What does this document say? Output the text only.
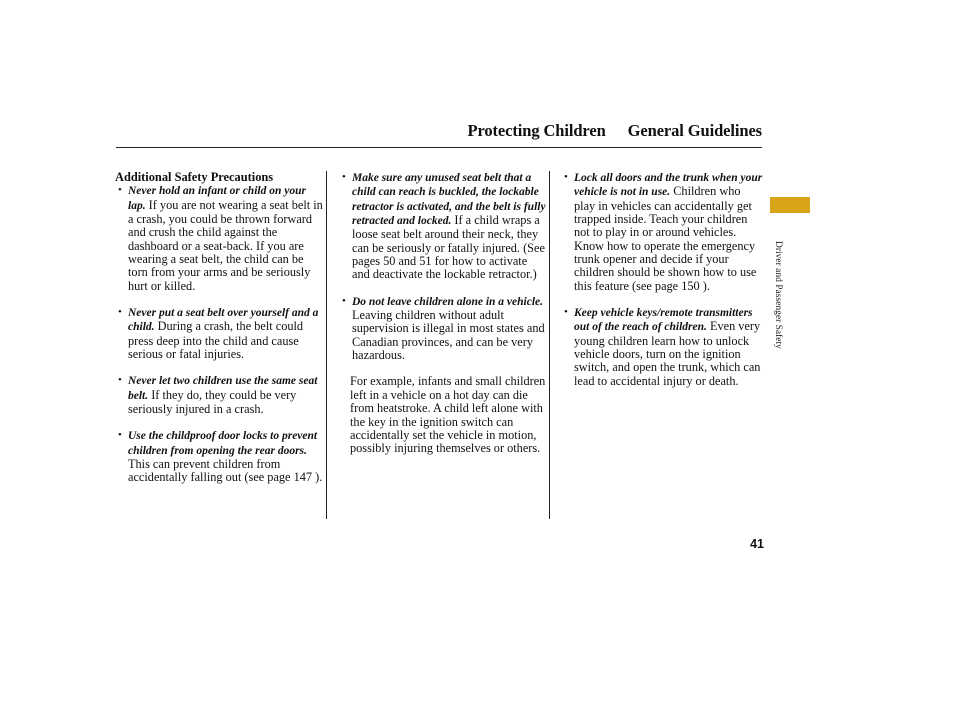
Protecting Children General Guidelines

Additional Safety Precautions

• Never hold an infant or child on your lap. If you are not wearing a seat belt in a crash, you could be thrown forward and crush the child against the dashboard or a seat-back. If you are wearing a seat belt, the child can be torn from your arms and be seriously hurt or killed.
• Never put a seat belt over yourself and a child. During a crash, the belt could press deep into the child and cause serious or fatal injuries.
• Never let two children use the same seat belt. If they do, they could be very seriously injured in a crash.
• Use the childproof door locks to prevent children from opening the rear doors. This can prevent children from accidentally falling out (see page 147 ).
• Make sure any unused seat belt that a child can reach is buckled, the lockable retractor is activated, and the belt is fully retracted and locked. If a child wraps a loose seat belt around their neck, they can be seriously or fatally injured. (See pages 50 and 51 for how to activate and deactivate the lockable retractor.)
• Do not leave children alone in a vehicle. Leaving children without adult supervision is illegal in most states and Canadian provinces, and can be very hazardous.
For example, infants and small children left in a vehicle on a hot day can die from heatstroke. A child left alone with the key in the ignition switch can accidentally set the vehicle in motion, possibly injuring themselves or others.
• Lock all doors and the trunk when your vehicle is not in use. Children who play in vehicles can accidentally get trapped inside. Teach your children not to play in or around vehicles. Know how to operate the emergency trunk opener and decide if your children should be shown how to use this feature (see page 150 ).
• Keep vehicle keys/remote transmitters out of the reach of children. Even very young children learn how to unlock vehicle doors, turn on the ignition switch, and open the trunk, which can lead to accidental injury or death.
Driver and Passenger Safety
41
